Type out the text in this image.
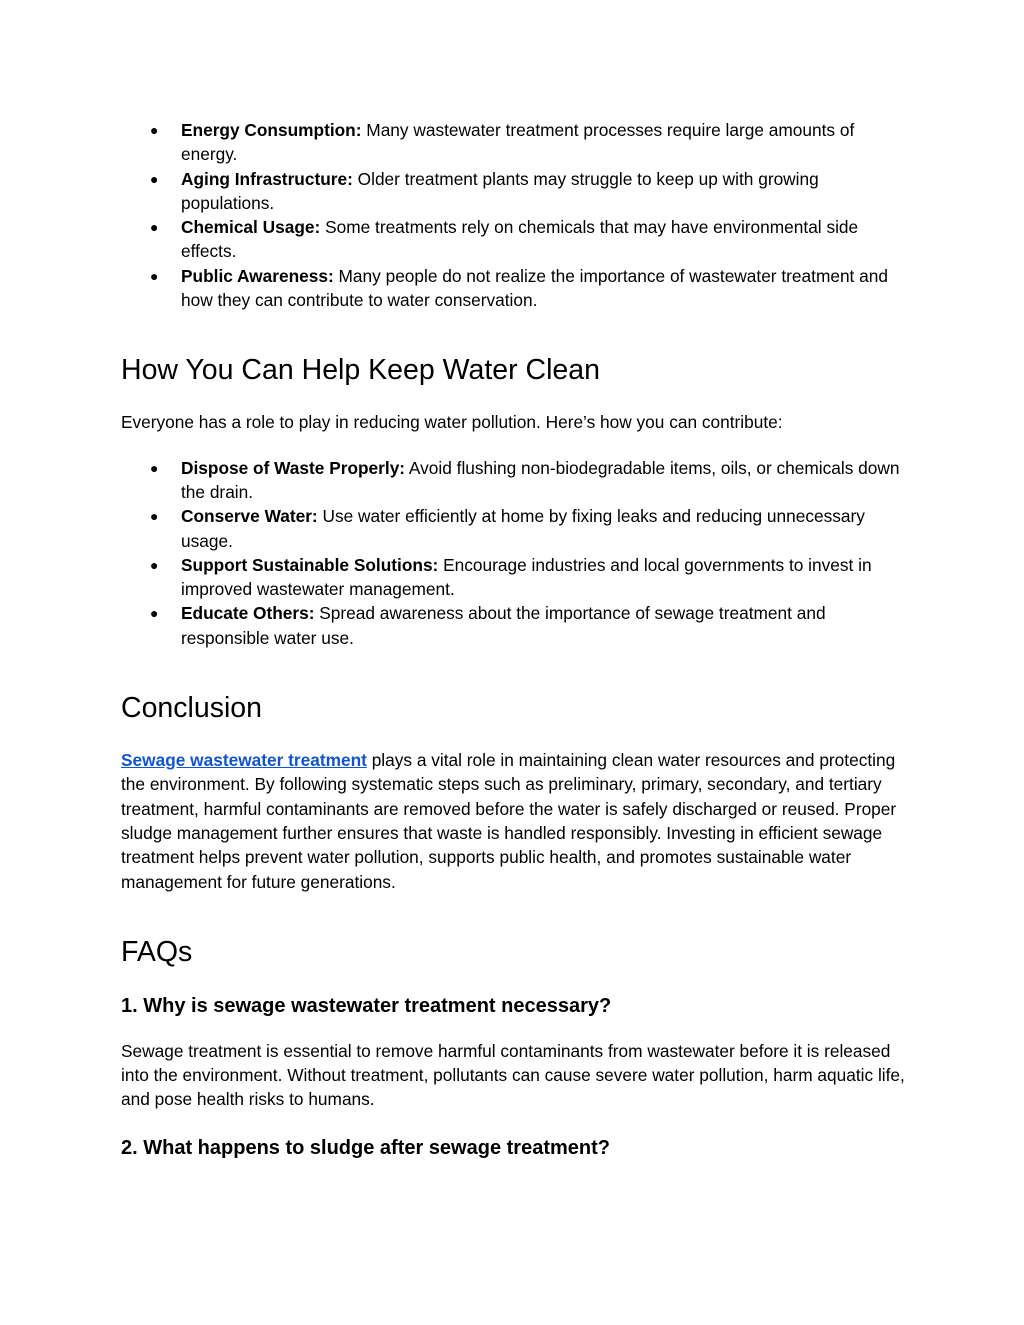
● Energy Consumption: Many wastewater treatment processes require large amounts of energy.
● Aging Infrastructure: Older treatment plants may struggle to keep up with growing populations.
● Chemical Usage: Some treatments rely on chemicals that may have environmental side effects.
● Public Awareness: Many people do not realize the importance of wastewater treatment and how they can contribute to water conservation.
How You Can Help Keep Water Clean

Everyone has a role to play in reducing water pollution. Here’s how you can contribute:

● Dispose of Waste Properly: Avoid flushing non-biodegradable items, oils, or chemicals down the drain.
● Conserve Water: Use water efficiently at home by fixing leaks and reducing unnecessary usage.
● Support Sustainable Solutions: Encourage industries and local governments to invest in improved wastewater management.
● Educate Others: Spread awareness about the importance of sewage treatment and responsible water use.
Conclusion

Sewage wastewater treatment plays a vital role in maintaining clean water resources and protecting the environment. By following systematic steps such as preliminary, primary, secondary, and tertiary treatment, harmful contaminants are removed before the water is safely discharged or reused. Proper sludge management further ensures that waste is handled responsibly. Investing in efficient sewage treatment helps prevent water pollution, supports public health, and promotes sustainable water management for future generations.

FAQs
1. Why is sewage wastewater treatment necessary?

Sewage treatment is essential to remove harmful contaminants from wastewater before it is released into the environment. Without treatment, pollutants can cause severe water pollution, harm aquatic life, and pose health risks to humans.

2. What happens to sludge after sewage treatment?
